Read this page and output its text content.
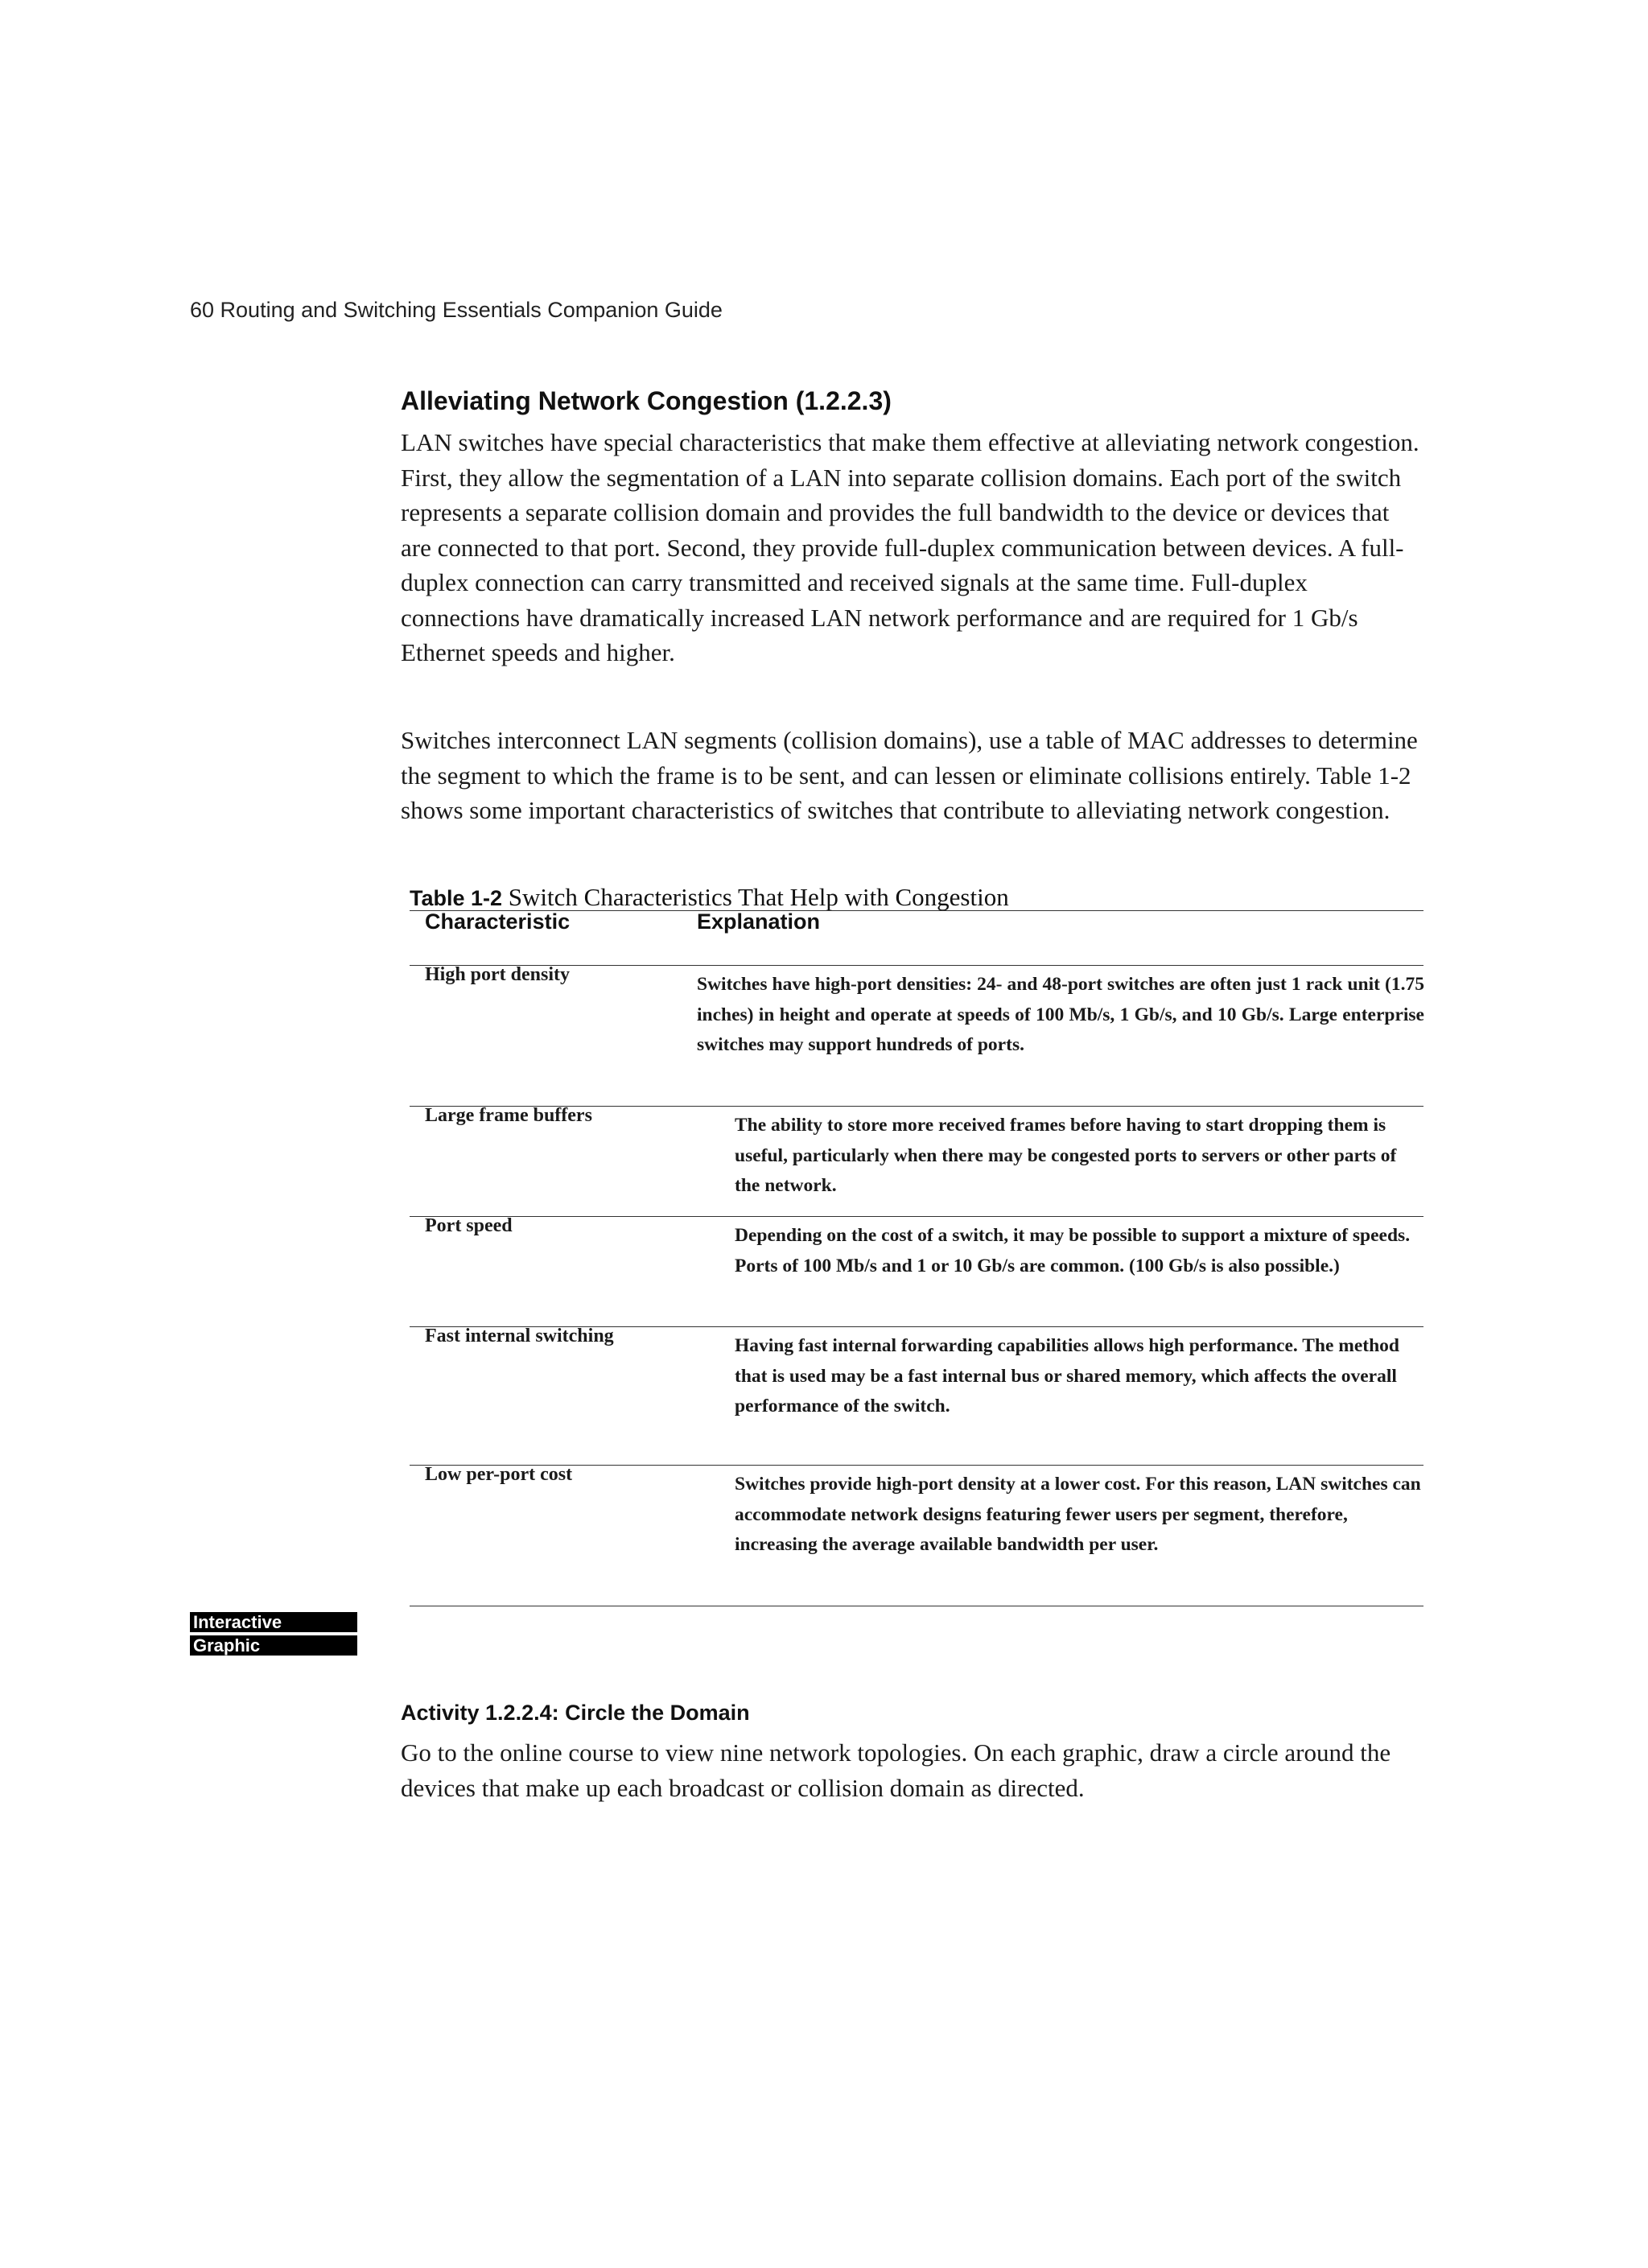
60 Routing and Switching Essentials Companion Guide
Alleviating Network Congestion (1.2.2.3)

LAN switches have special characteristics that make them effective at alleviating network congestion. First, they allow the segmentation of a LAN into separate collision domains. Each port of the switch represents a separate collision domain and provides the full bandwidth to the device or devices that are connected to that port. Second, they provide full-duplex communication between devices. A full-duplex connection can carry transmitted and received signals at the same time. Full-duplex connections have dramatically increased LAN network performance and are required for 1 Gb/s Ethernet speeds and higher.

Switches interconnect LAN segments (collision domains), use a table of MAC addresses to determine the segment to which the frame is to be sent, and can lessen or eliminate collisions entirely. Table 1-2 shows some important characteristics of switches that contribute to alleviating network congestion.

Table 1-2 Switch Characteristics That Help with Congestion
Characteristic	Explanation
High port density	Switches have high-port densities: 24- and 48-port switches are often just 1 rack unit (1.75 inches) in height and operate at speeds of 100 Mb/s, 1 Gb/s, and 10 Gb/s. Large enterprise switches may support hundreds of ports.
Large frame buffers	The ability to store more received frames before having to start dropping them is useful, particularly when there may be congested ports to servers or other parts of the network.
Port speed	Depending on the cost of a switch, it may be possible to support a mixture of speeds. Ports of 100 Mb/s and 1 or 10 Gb/s are common. (100 Gb/s is also possible.)
Fast internal switching	Having fast internal forwarding capabilities allows high performance. The method that is used may be a fast internal bus or shared memory, which affects the overall performance of the switch.
Low per-port cost	Switches provide high-port density at a lower cost. For this reason, LAN switches can accommodate network designs featuring fewer users per segment, therefore, increasing the average available bandwidth per user.
Interactive
Graphic
Activity 1.2.2.4: Circle the Domain

Go to the online course to view nine network topologies. On each graphic, draw a circle around the devices that make up each broadcast or collision domain as directed.
